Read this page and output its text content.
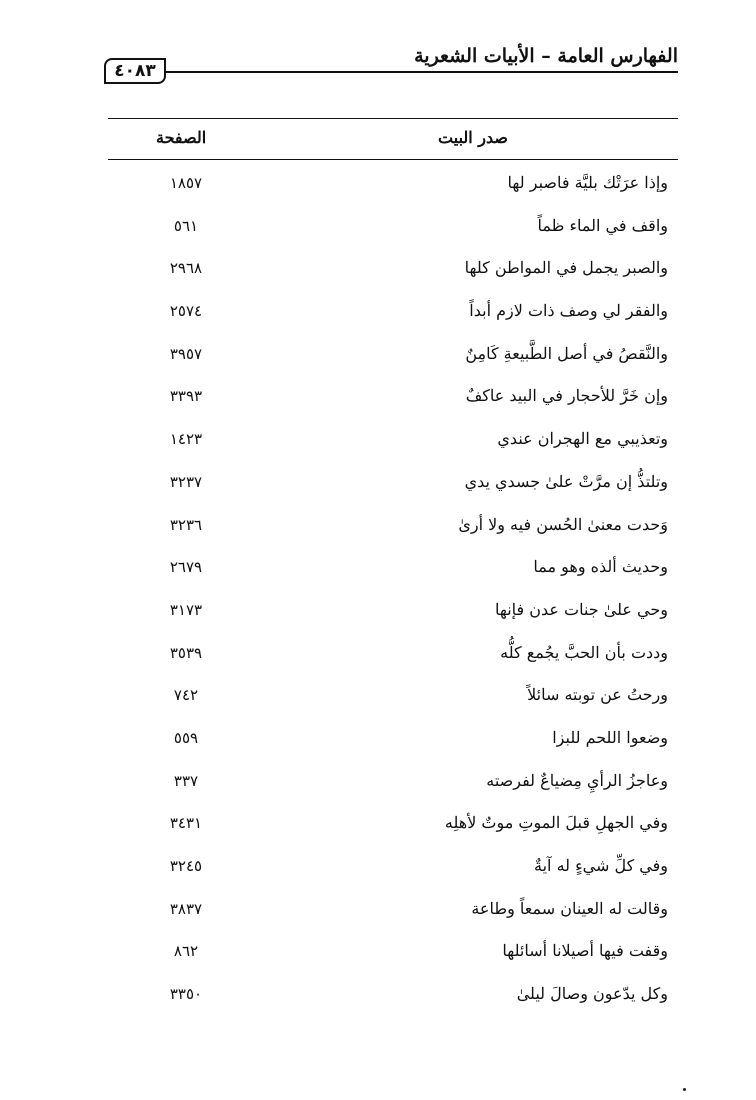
الفهارس العامة – الأبيات الشعرية
٤٠٨٣
صدر البيت
الصفحة
وإذا عرَتْك بليَّة فاصبر لها
١٨٥٧
واقف في الماء ظماً
٥٦١
والصبر يجمل في المواطن كلها
٢٩٦٨
والفقر لي وصف ذات لازم أبداً
٢٥٧٤
والنَّقصُ في أصل الطَّبيعةِ كَامِنٌ
٣٩٥٧
وإن خَرَّ للأحجار في البيد عاكفٌ
٣٣٩٣
وتعذيبي مع الهجران عندي
١٤٢٣
وتلتذُّ إن مرَّتْ علىٰ جسدي يدي
٣٢٣٧
وَحدت معنىٰ الحُسن فيه ولا أرىٰ
٣٢٣٦
وحديث ألذه وهو مما
٢٦٧٩
وحي علىٰ جنات عدن فإنها
٣١٧٣
وددت بأن الحبَّ يجُمع كلُّه
٣٥٣٩
ورحتُ عن توبته سائلاً
٧٤٢
وضعوا اللحم للبزا
٥٥٩
وعاجزُ الرأيِ مِضياعٌ لفرصته
٣٣٧
وفي الجهلِ قبلَ الموتِ موتٌ لأهلِه
٣٤٣١
وفي كلِّ شيءٍ له آيةٌ
٣٢٤٥
وقالت له العينان سمعاً وطاعة
٣٨٣٧
وقفت فيها أصيلانا أسائلها
٨٦٢
وكل يدّعون وصالَ ليلىٰ
٣٣٥٠
